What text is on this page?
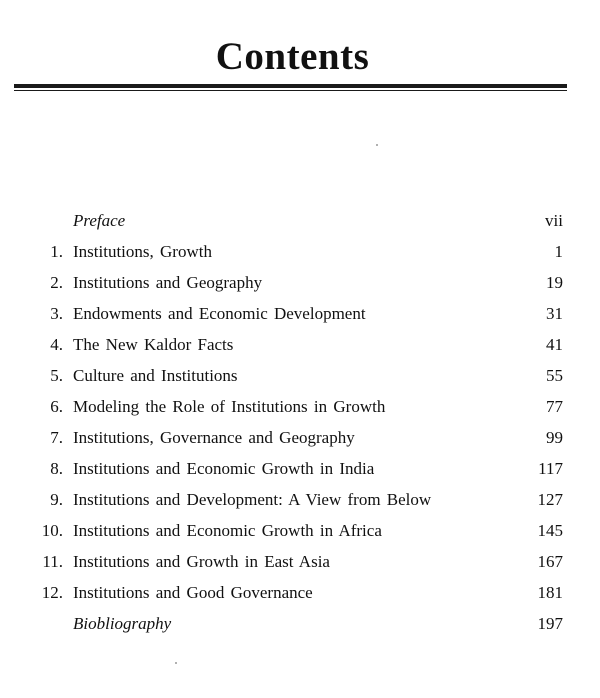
Contents
Preface	vii
1. Institutions, Growth	1
2. Institutions and Geography	19
3. Endowments and Economic Development	31
4. The New Kaldor Facts	41
5. Culture and Institutions	55
6. Modeling the Role of Institutions in Growth	77
7. Institutions, Governance and Geography	99
8. Institutions and Economic Growth in India	117
9. Institutions and Development: A View from Below	127
10. Institutions and Economic Growth in Africa	145
11. Institutions and Growth in East Asia	167
12. Institutions and Good Governance	181
Biobliography	197
